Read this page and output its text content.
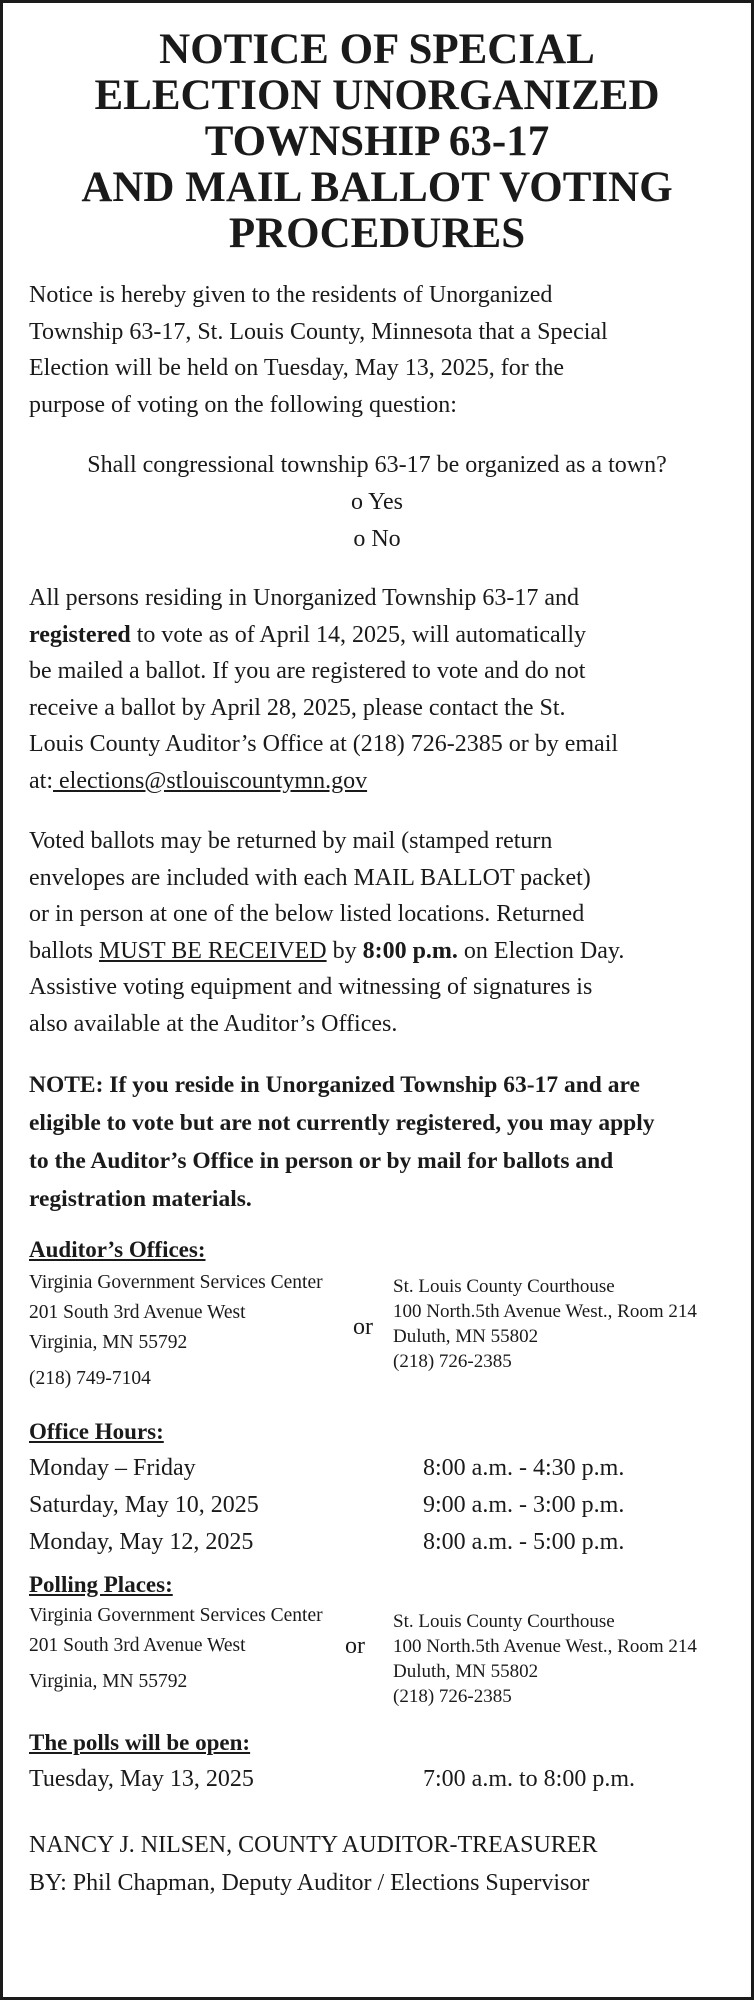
NOTICE OF SPECIAL
ELECTION UNORGANIZED
TOWNSHIP 63-17
AND MAIL BALLOT VOTING
PROCEDURES
Notice is hereby given to the residents of Unorganized
Township 63-17, St. Louis County, Minnesota that a Special
Election will be held on Tuesday, May 13, 2025, for the
purpose of voting on the following question:
Shall congressional township 63-17 be organized as a town?
o Yes
o No
All persons residing in Unorganized Township 63-17 and
registered to vote as of April 14, 2025, will automatically
be mailed a ballot. If you are registered to vote and do not
receive a ballot by April 28, 2025, please contact the St.
Louis County Auditor’s Office at (218) 726-2385 or by email
at: elections@stlouiscountymn.gov
Voted ballots may be returned by mail (stamped return
envelopes are included with each MAIL BALLOT packet)
or in person at one of the below listed locations. Returned
ballots MUST BE RECEIVED by 8:00 p.m. on Election Day.
Assistive voting equipment and witnessing of signatures is
also available at the Auditor’s Offices.
NOTE: If you reside in Unorganized Township 63-17 and are
eligible to vote but are not currently registered, you may apply
to the Auditor’s Office in person or by mail for ballots and
registration materials.
Auditor’s Offices:
Virginia Government Services Center
201 South 3rd Avenue West
Virginia, MN 55792
(218) 749-7104
or
St. Louis County Courthouse
100 North.5th Avenue West., Room 214
Duluth, MN 55802
(218) 726-2385
Office Hours:
Monday – Friday	8:00 a.m. - 4:30 p.m.
Saturday, May 10, 2025	9:00 a.m. - 3:00 p.m.
Monday, May 12, 2025	8:00 a.m. - 5:00 p.m.
Polling Places:
Virginia Government Services Center
201 South 3rd Avenue West
Virginia, MN 55792
or
St. Louis County Courthouse
100 North.5th Avenue West., Room 214
Duluth, MN 55802
(218) 726-2385
The polls will be open:
Tuesday, May 13, 2025	7:00 a.m. to 8:00 p.m.
NANCY J. NILSEN, COUNTY AUDITOR-TREASURER
BY: Phil Chapman, Deputy Auditor / Elections Supervisor
